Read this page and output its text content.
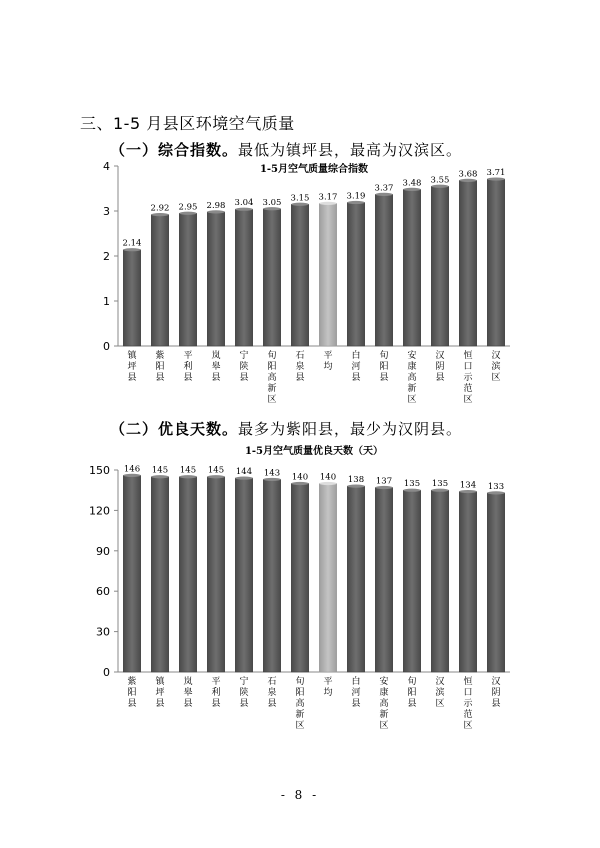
三、1-5 月县区环境空气质量
（一）综合指数。最低为镇坪县，最高为汉滨区。
1-5月空气质量综合指数
0
1
2
3
4
2.14
镇坪县
2.92
紫阳县
2.95
平利县
2.98
岚皋县
3.04
宁陕县
3.05
旬阳高新区
3.15
石泉县
3.17
平均
3.19
白河县
3.37
旬阳县
3.48
安康高新区
3.55
汉阴县
3.68
恒口示范区
3.71
汉滨区
（二）优良天数。最多为紫阳县，最少为汉阴县。
1-5月空气质量优良天数（天）
0
30
60
90
120
150 146
紫阳县
145
镇坪县
145
岚皋县
145
平利县
144
宁陕县
143
石泉县
140
旬阳高新区
140
平均
138
白河县
137
安康高新区
135
旬阳县
135
汉滨区
134
恒口示范区
133
汉阴县
- 8 -
